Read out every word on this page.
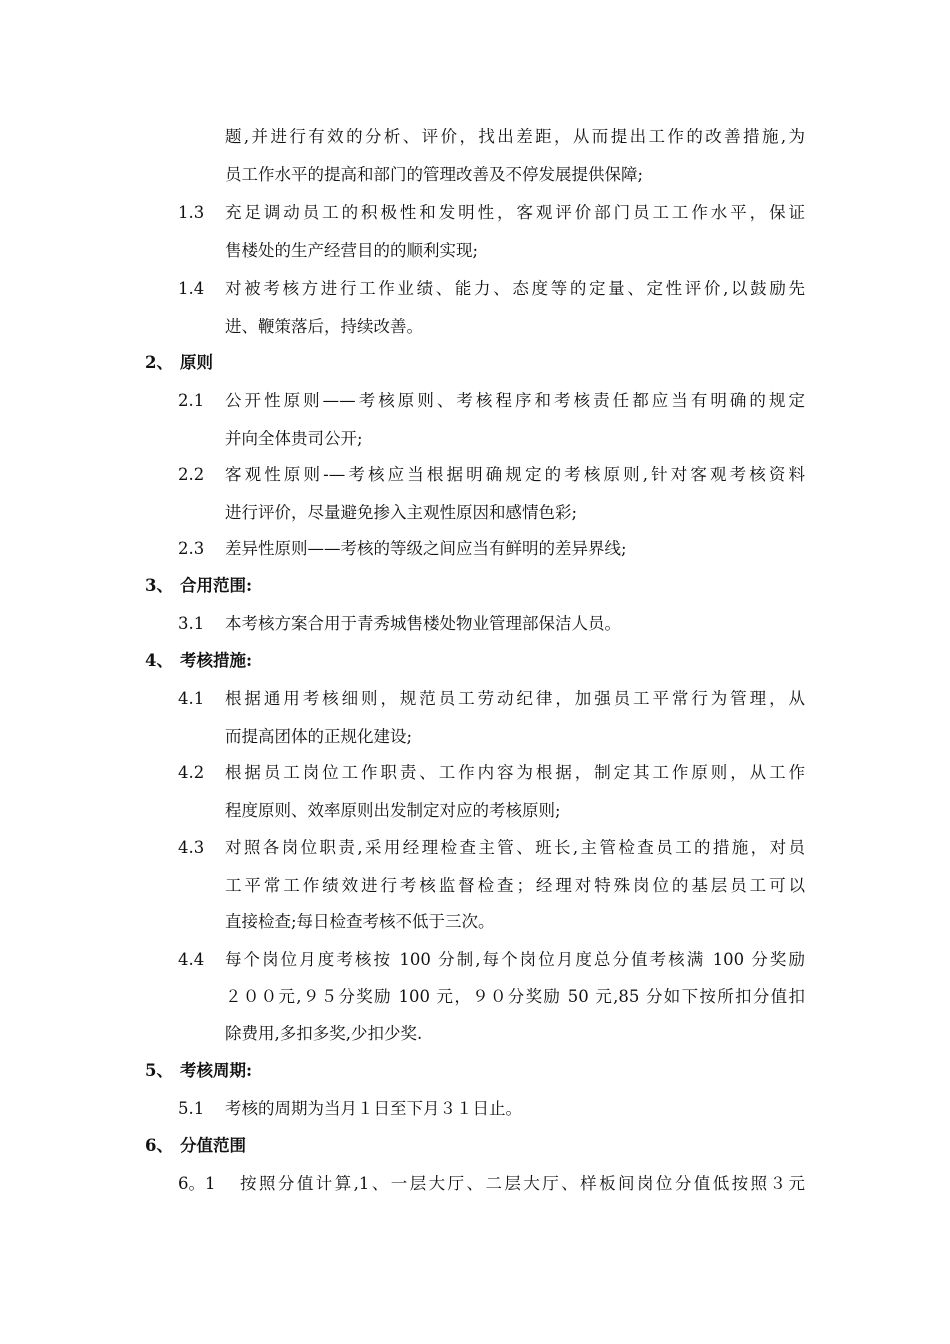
题,并进行有效的分析、评价，找出差距，从而提出工作的改善措施,为
员工作水平的提高和部门的管理改善及不停发展提供保障;
1.3 充足调动员工的积极性和发明性，客观评价部门员工工作水平，保证
售楼处的生产经营目的的顺利实现;
1.4 对被考核方进行工作业绩、能力、态度等的定量、定性评价,以鼓励先
进、鞭策落后，持续改善。
2、 原则
2.1 公开性原则——考核原则、考核程序和考核责任都应当有明确的规定
并向全体贵司公开;
2.2 客观性原则-—考核应当根据明确规定的考核原则,针对客观考核资料
进行评价，尽量避免掺入主观性原因和感情色彩;
2.3 差异性原则——考核的等级之间应当有鲜明的差异界线;
3、 合用范围:
3.1 本考核方案合用于青秀城售楼处物业管理部保洁人员。
4、 考核措施:
4.1 根据通用考核细则，规范员工劳动纪律，加强员工平常行为管理，从
而提高团体的正规化建设;
4.2 根据员工岗位工作职责、工作内容为根据，制定其工作原则，从工作
程度原则、效率原则出发制定对应的考核原则;
4.3 对照各岗位职责,采用经理检查主管、班长,主管检查员工的措施，对员
工平常工作绩效进行考核监督检查；经理对特殊岗位的基层员工可以
直接检查;每日检查考核不低于三次。
4.4 每个岗位月度考核按 100 分制,每个岗位月度总分值考核满 100 分奖励
２００元,９５分奖励 100 元，９０分奖励 50 元,85 分如下按所扣分值扣
除费用,多扣多奖,少扣少奖.
5、 考核周期:
5.1 考核的周期为当月１日至下月３１日止。
6、 分值范围
6。1 按照分值计算,1、一层大厅、二层大厅、样板间岗位分值低按照３元
